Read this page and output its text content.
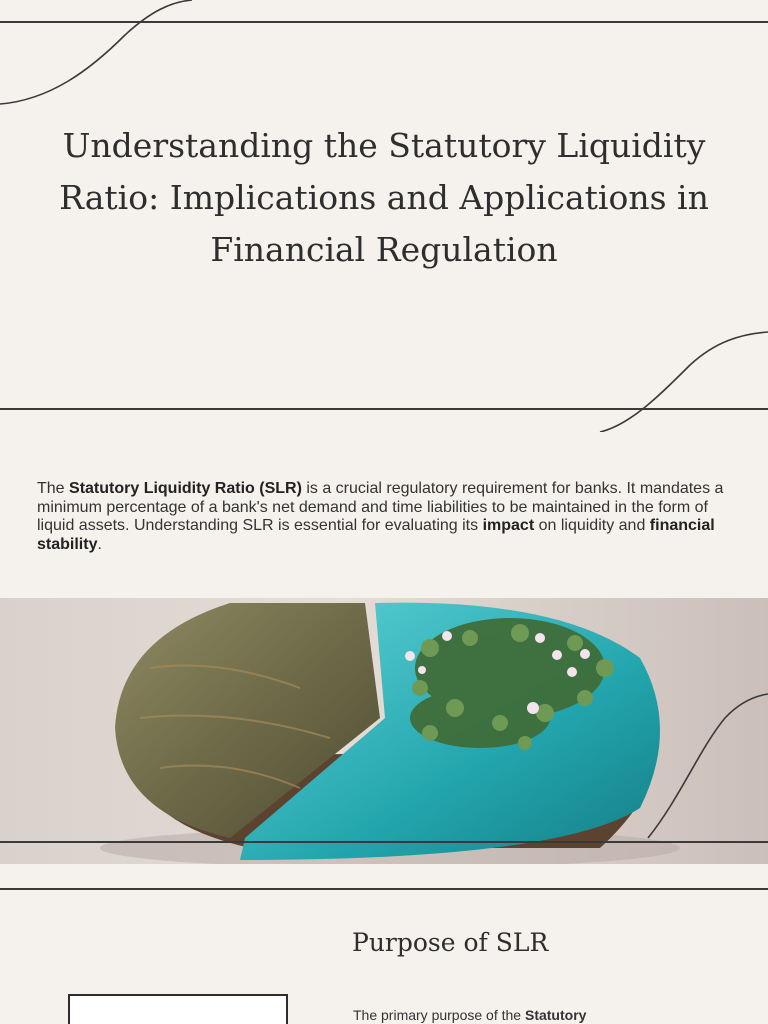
Understanding the Statutory Liquidity Ratio: Implications and Applications in Financial Regulation

The Statutory Liquidity Ratio (SLR) is a crucial regulatory requirement for banks. It mandates a minimum percentage of a bank's net demand and time liabilities to be maintained in the form of liquid assets. Understanding SLR is essential for evaluating its impact on liquidity and financial stability.

Purpose of SLR

The primary purpose of the Statutory
